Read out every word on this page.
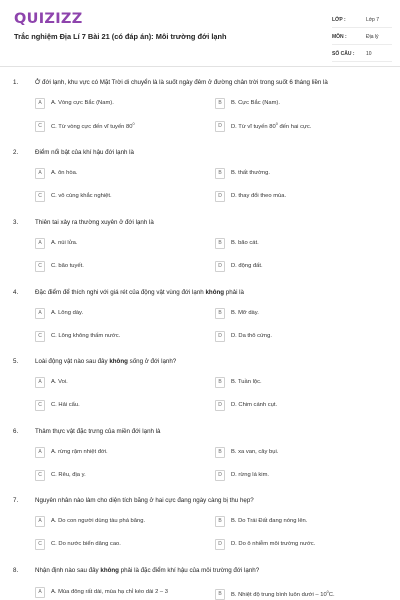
QUIZIZZ
Trắc nghiệm Địa Lí 7 Bài 21 (có đáp án): Môi trường đới lạnh
LỚP :	Lớp 7
MÔN :	Địa lý
SỐ CÂU :	10
1.	Ở đới lạnh, khu vực có Mặt Trời di chuyển là là suốt ngày đêm ở đường chân trời trong suốt 6 tháng liền là
A	A. Vòng cực Bắc (Nam).	B	B. Cực Bắc (Nam).
C	C. Từ vòng cực đến vĩ tuyến $80^0$	D	D. Từ vĩ tuyến $80^0$ đến hai cực.
2.	Điểm nổi bật của khí hậu đới lạnh là
A	A. ôn hòa.	B	B. thất thường.
C	C. vô cùng khắc nghiệt.	D	D. thay đổi theo mùa.
3.	Thiên tai xảy ra thường xuyên ở đới lạnh là
A	A. núi lửa.	B	B. bão cát.
C	C. bão tuyết.	D	D. động đất.
4.	Đặc điểm để thích nghi với giá rét của động vật vùng đới lạnh không phải là
A	A. Lông dày.	B	B. Mỡ dày.
C	C. Lông không thấm nước.	D	D. Da thô cứng.
5.	Loài động vật nào sau đây không sống ở đới lạnh?
A	A. Voi.	B	B. Tuần lộc.
C	C. Hải cẩu.	D	D. Chim cánh cụt.
6.	Thảm thực vật đặc trưng của miền đới lạnh là
A	A. rừng rậm nhiệt đới.	B	B. xa van, cây bụi.
C	C. Rêu, địa y.	D	D. rừng lá kim.
7.	Nguyên nhân nào làm cho diện tích băng ở hai cực đang ngày càng bị thu hẹp?
A	A. Do con người dùng tàu phá băng.	B	B. Do Trái Đất đang nóng lên.
C	C. Do nước biển dâng cao.	D	D. Do ô nhiễm môi trường nước.
8.	Nhận định nào sau đây không phải là đặc điểm khí hậu của môi trường đới lạnh?
A	A. Mùa đông rất dài, mùa hạ chỉ kéo dài 2 – 3	B	B. Nhiệt độ trung bình luôn dưới – $10^0C$.
